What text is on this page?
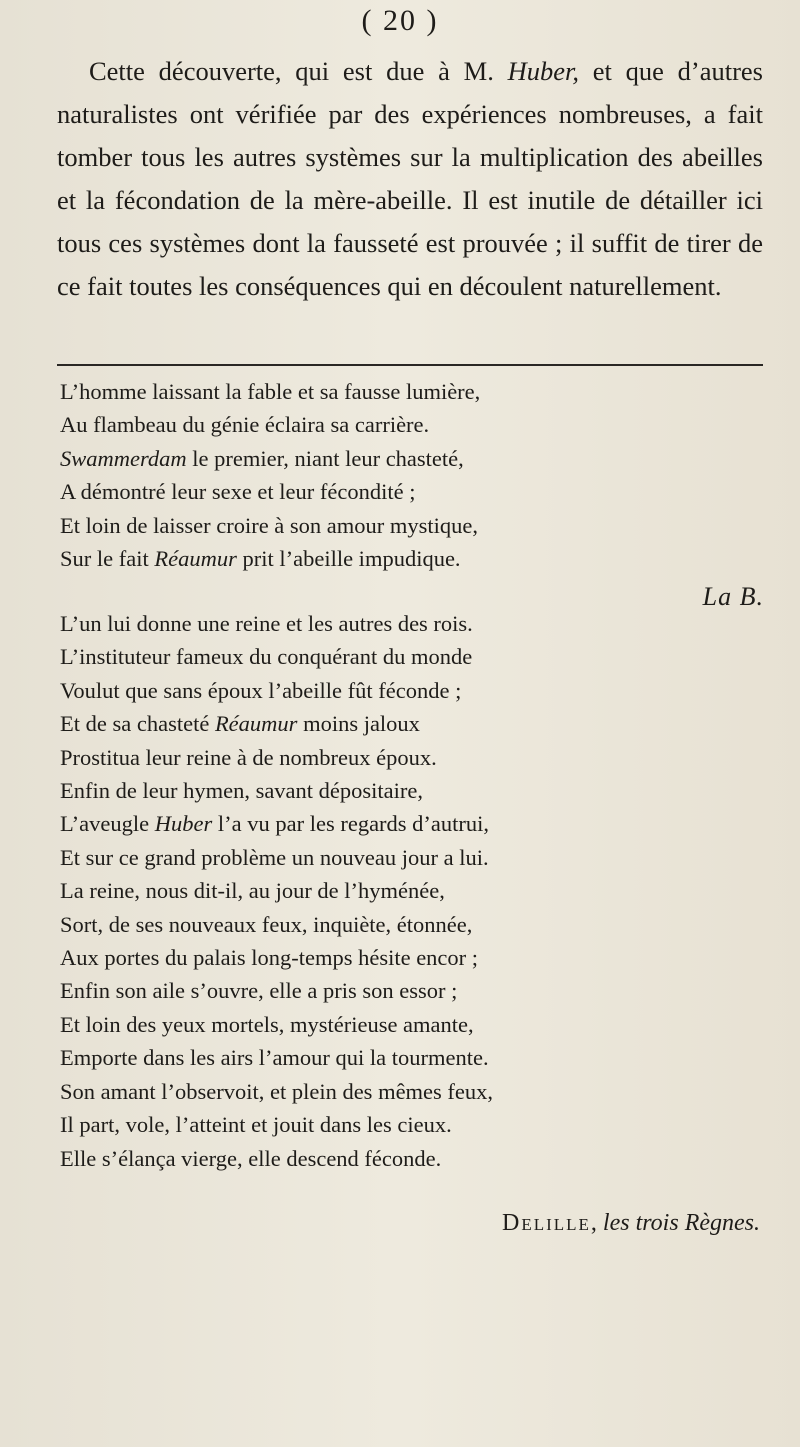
( 20 )

Cette découverte, qui est due à M. Huber, et que d’autres naturalistes ont vérifiée par des expériences nombreuses, a fait tomber tous les autres systèmes sur la multiplication des abeilles et la fécondation de la mère-abeille. Il est inutile de détailler ici tous ces systèmes dont la fausseté est prouvée ; il suffit de tirer de ce fait toutes les conséquences qui en découlent naturellement.

L’homme laissant la fable et sa fausse lumière,
Au flambeau du génie éclaira sa carrière.
Swammerdam le premier, niant leur chasteté,
A démontré leur sexe et leur fécondité ;
Et loin de laisser croire à son amour mystique,
Sur le fait Réaumur prit l’abeille impudique.
La B.
L’un lui donne une reine et les autres des rois.
L’instituteur fameux du conquérant du monde
Voulut que sans époux l’abeille fût féconde ;
Et de sa chasteté Réaumur moins jaloux
Prostitua leur reine à de nombreux époux.
Enfin de leur hymen, savant dépositaire,
L’aveugle Huber l’a vu par les regards d’autrui,
Et sur ce grand problème un nouveau jour a lui.
La reine, nous dit-il, au jour de l’hyménée,
Sort, de ses nouveaux feux, inquiète, étonnée,
Aux portes du palais long-temps hésite encor ;
Enfin son aile s’ouvre, elle a pris son essor ;
Et loin des yeux mortels, mystérieuse amante,
Emporte dans les airs l’amour qui la tourmente.
Son amant l’observoit, et plein des mêmes feux,
Il part, vole, l’atteint et jouit dans les cieux.
Elle s’élança vierge, elle descend féconde.
Delille, les trois Règnes.
